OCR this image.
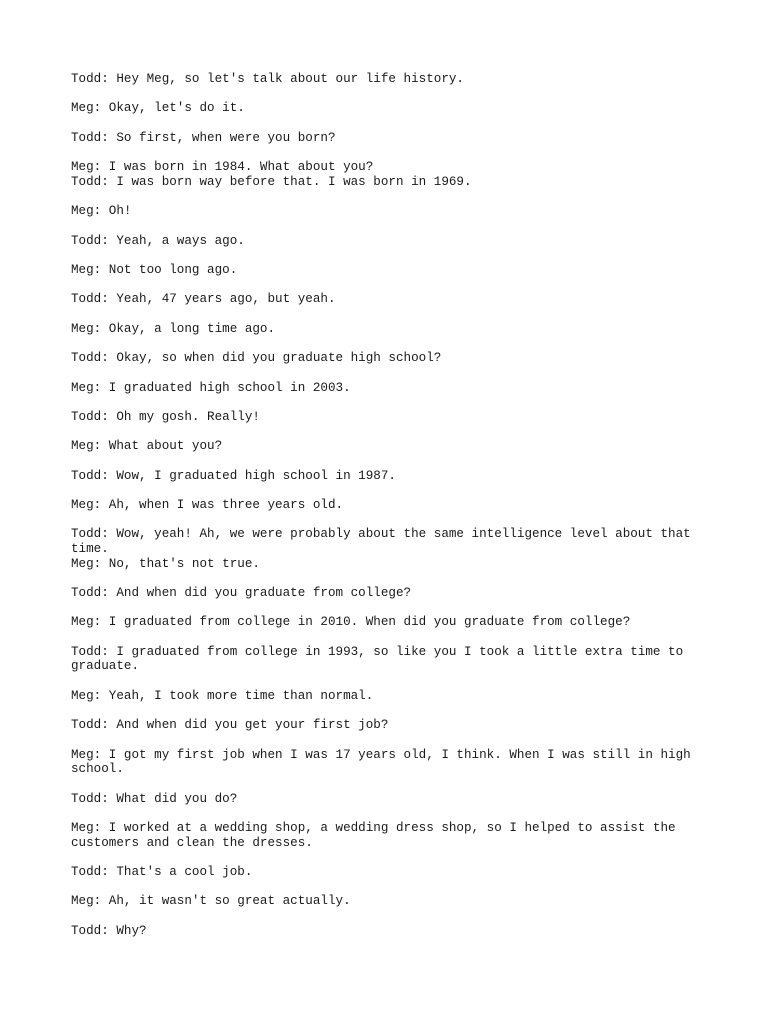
Todd: Hey Meg, so let's talk about our life history.

Meg: Okay, let's do it.

Todd: So first, when were you born?

Meg: I was born in 1984. What about you?

Todd: I was born way before that. I was born in 1969.

Meg: Oh!

Todd: Yeah, a ways ago.

Meg: Not too long ago.

Todd: Yeah, 47 years ago, but yeah.

Meg: Okay, a long time ago.

Todd: Okay, so when did you graduate high school?

Meg: I graduated high school in 2003.

Todd: Oh my gosh. Really!

Meg: What about you?

Todd: Wow, I graduated high school in 1987.

Meg: Ah, when I was three years old.

Todd: Wow, yeah! Ah, we were probably about the same intelligence level about that time.

Meg: No, that's not true.

Todd: And when did you graduate from college?

Meg: I graduated from college in 2010. When did you graduate from college?

Todd: I graduated from college in 1993, so like you I took a little extra time to graduate.

Meg: Yeah, I took more time than normal.

Todd: And when did you get your first job?

Meg: I got my first job when I was 17 years old, I think. When I was still in high school.

Todd: What did you do?

Meg: I worked at a wedding shop, a wedding dress shop, so I helped to assist the customers and clean the dresses.

Todd: That's a cool job.

Meg: Ah, it wasn't so great actually.

Todd: Why?
